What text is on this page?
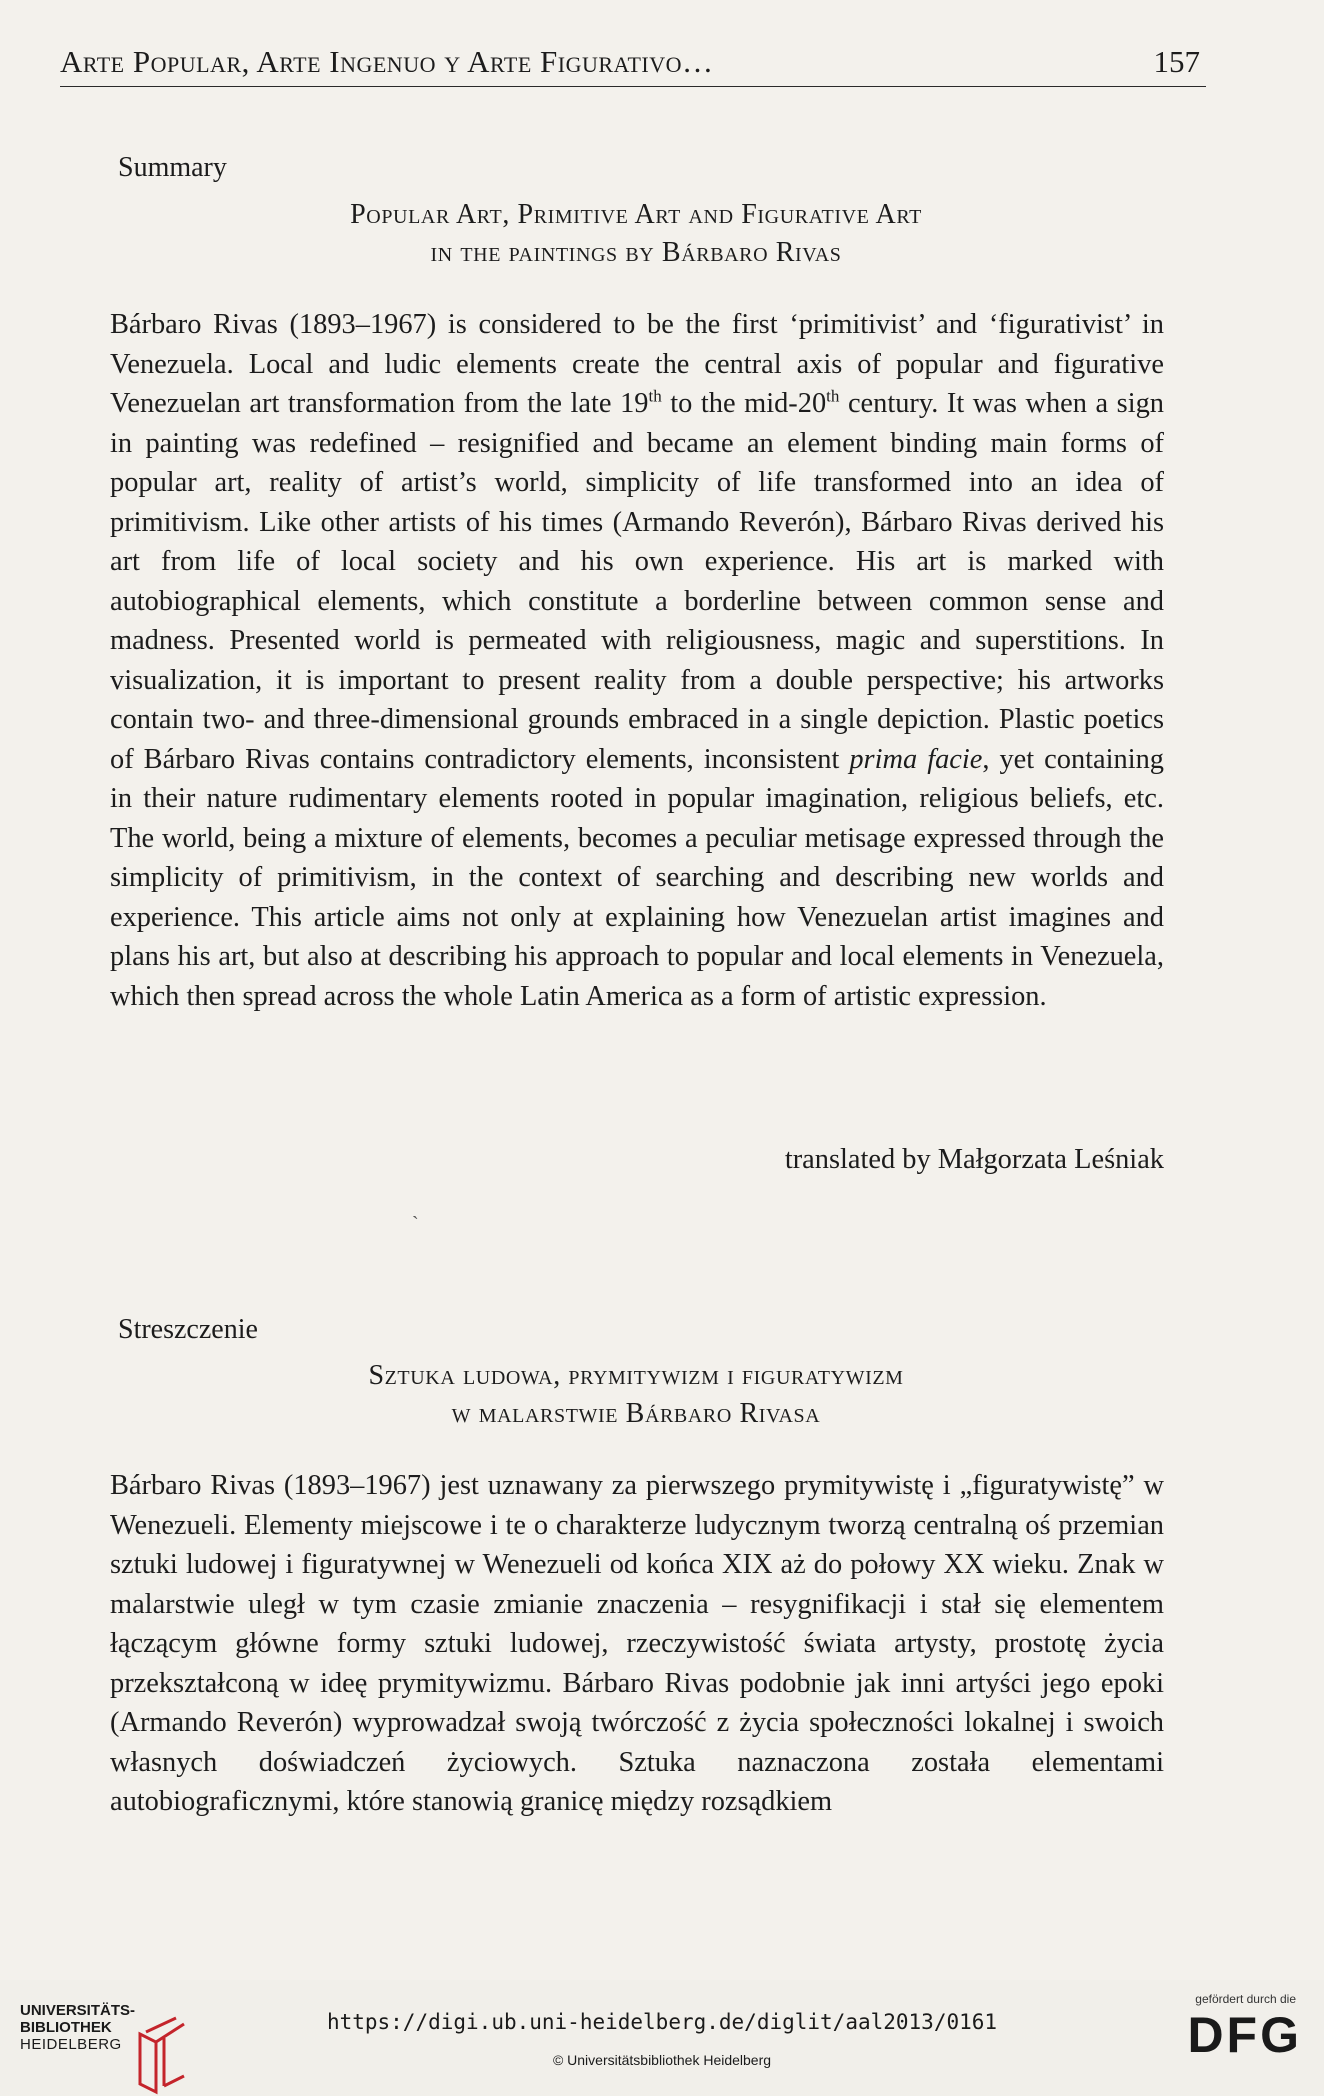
Arte Popular, Arte Ingenuo y Arte Figurativo…	157
Summary
Popular Art, Primitive Art and Figurative Art
in the paintings by Bárbaro Rivas
Bárbaro Rivas (1893–1967) is considered to be the first ‘primitivist’ and ‘figurativist’ in Venezuela. Local and ludic elements create the central axis of popular and figurative Venezuelan art transformation from the late 19th to the mid-20th century. It was when a sign in painting was redefined – resignified and became an element binding main forms of popular art, reality of artist’s world, simplicity of life transformed into an idea of primitivism. Like other artists of his times (Armando Reverón), Bárbaro Rivas derived his art from life of local society and his own experience. His art is marked with autobiographical elements, which constitute a borderline between common sense and madness. Presented world is permeated with religiousness, magic and superstitions. In visualization, it is important to present reality from a double perspective; his artworks contain two- and three-dimensional grounds embraced in a single depiction. Plastic poetics of Bárbaro Rivas contains contradictory elements, inconsistent prima facie, yet containing in their nature rudimentary elements rooted in popular imagination, religious beliefs, etc. The world, being a mixture of elements, becomes a peculiar metisage expressed through the simplicity of primitivism, in the context of searching and describing new worlds and experience. This article aims not only at explaining how Venezuelan artist imagines and plans his art, but also at describing his approach to popular and local elements in Venezuela, which then spread across the whole Latin America as a form of artistic expression.
translated by Małgorzata Leśniak
`
Streszczenie
Sztuka ludowa, prymitywizm i figuratywizm
w malarstwie Bárbaro Rivasa
Bárbaro Rivas (1893–1967) jest uznawany za pierwszego prymitywistę i „figuratywistę” w Wenezueli. Elementy miejscowe i te o charakterze ludycznym tworzą centralną oś przemian sztuki ludowej i figuratywnej w Wenezueli od końca XIX aż do połowy XX wieku. Znak w malarstwie uległ w tym czasie zmianie znaczenia – resygnifikacji i stał się elementem łączącym główne formy sztuki ludowej, rzeczywistość świata artysty, prostotę życia przekształconą w ideę prymitywizmu. Bárbaro Rivas podobnie jak inni artyści jego epoki (Armando Reverón) wyprowadzał swoją twórczość z życia społeczności lokalnej i swoich własnych doświadczeń życiowych. Sztuka naznaczona została elementami autobiograficznymi, które stanowią granicę między rozsądkiem
UNIVERSITÄTS-
BIBLIOTHEK
HEIDELBERG
https://digi.ub.uni-heidelberg.de/diglit/aal2013/0161
© Universitätsbibliothek Heidelberg
gefördert durch die
DFG
